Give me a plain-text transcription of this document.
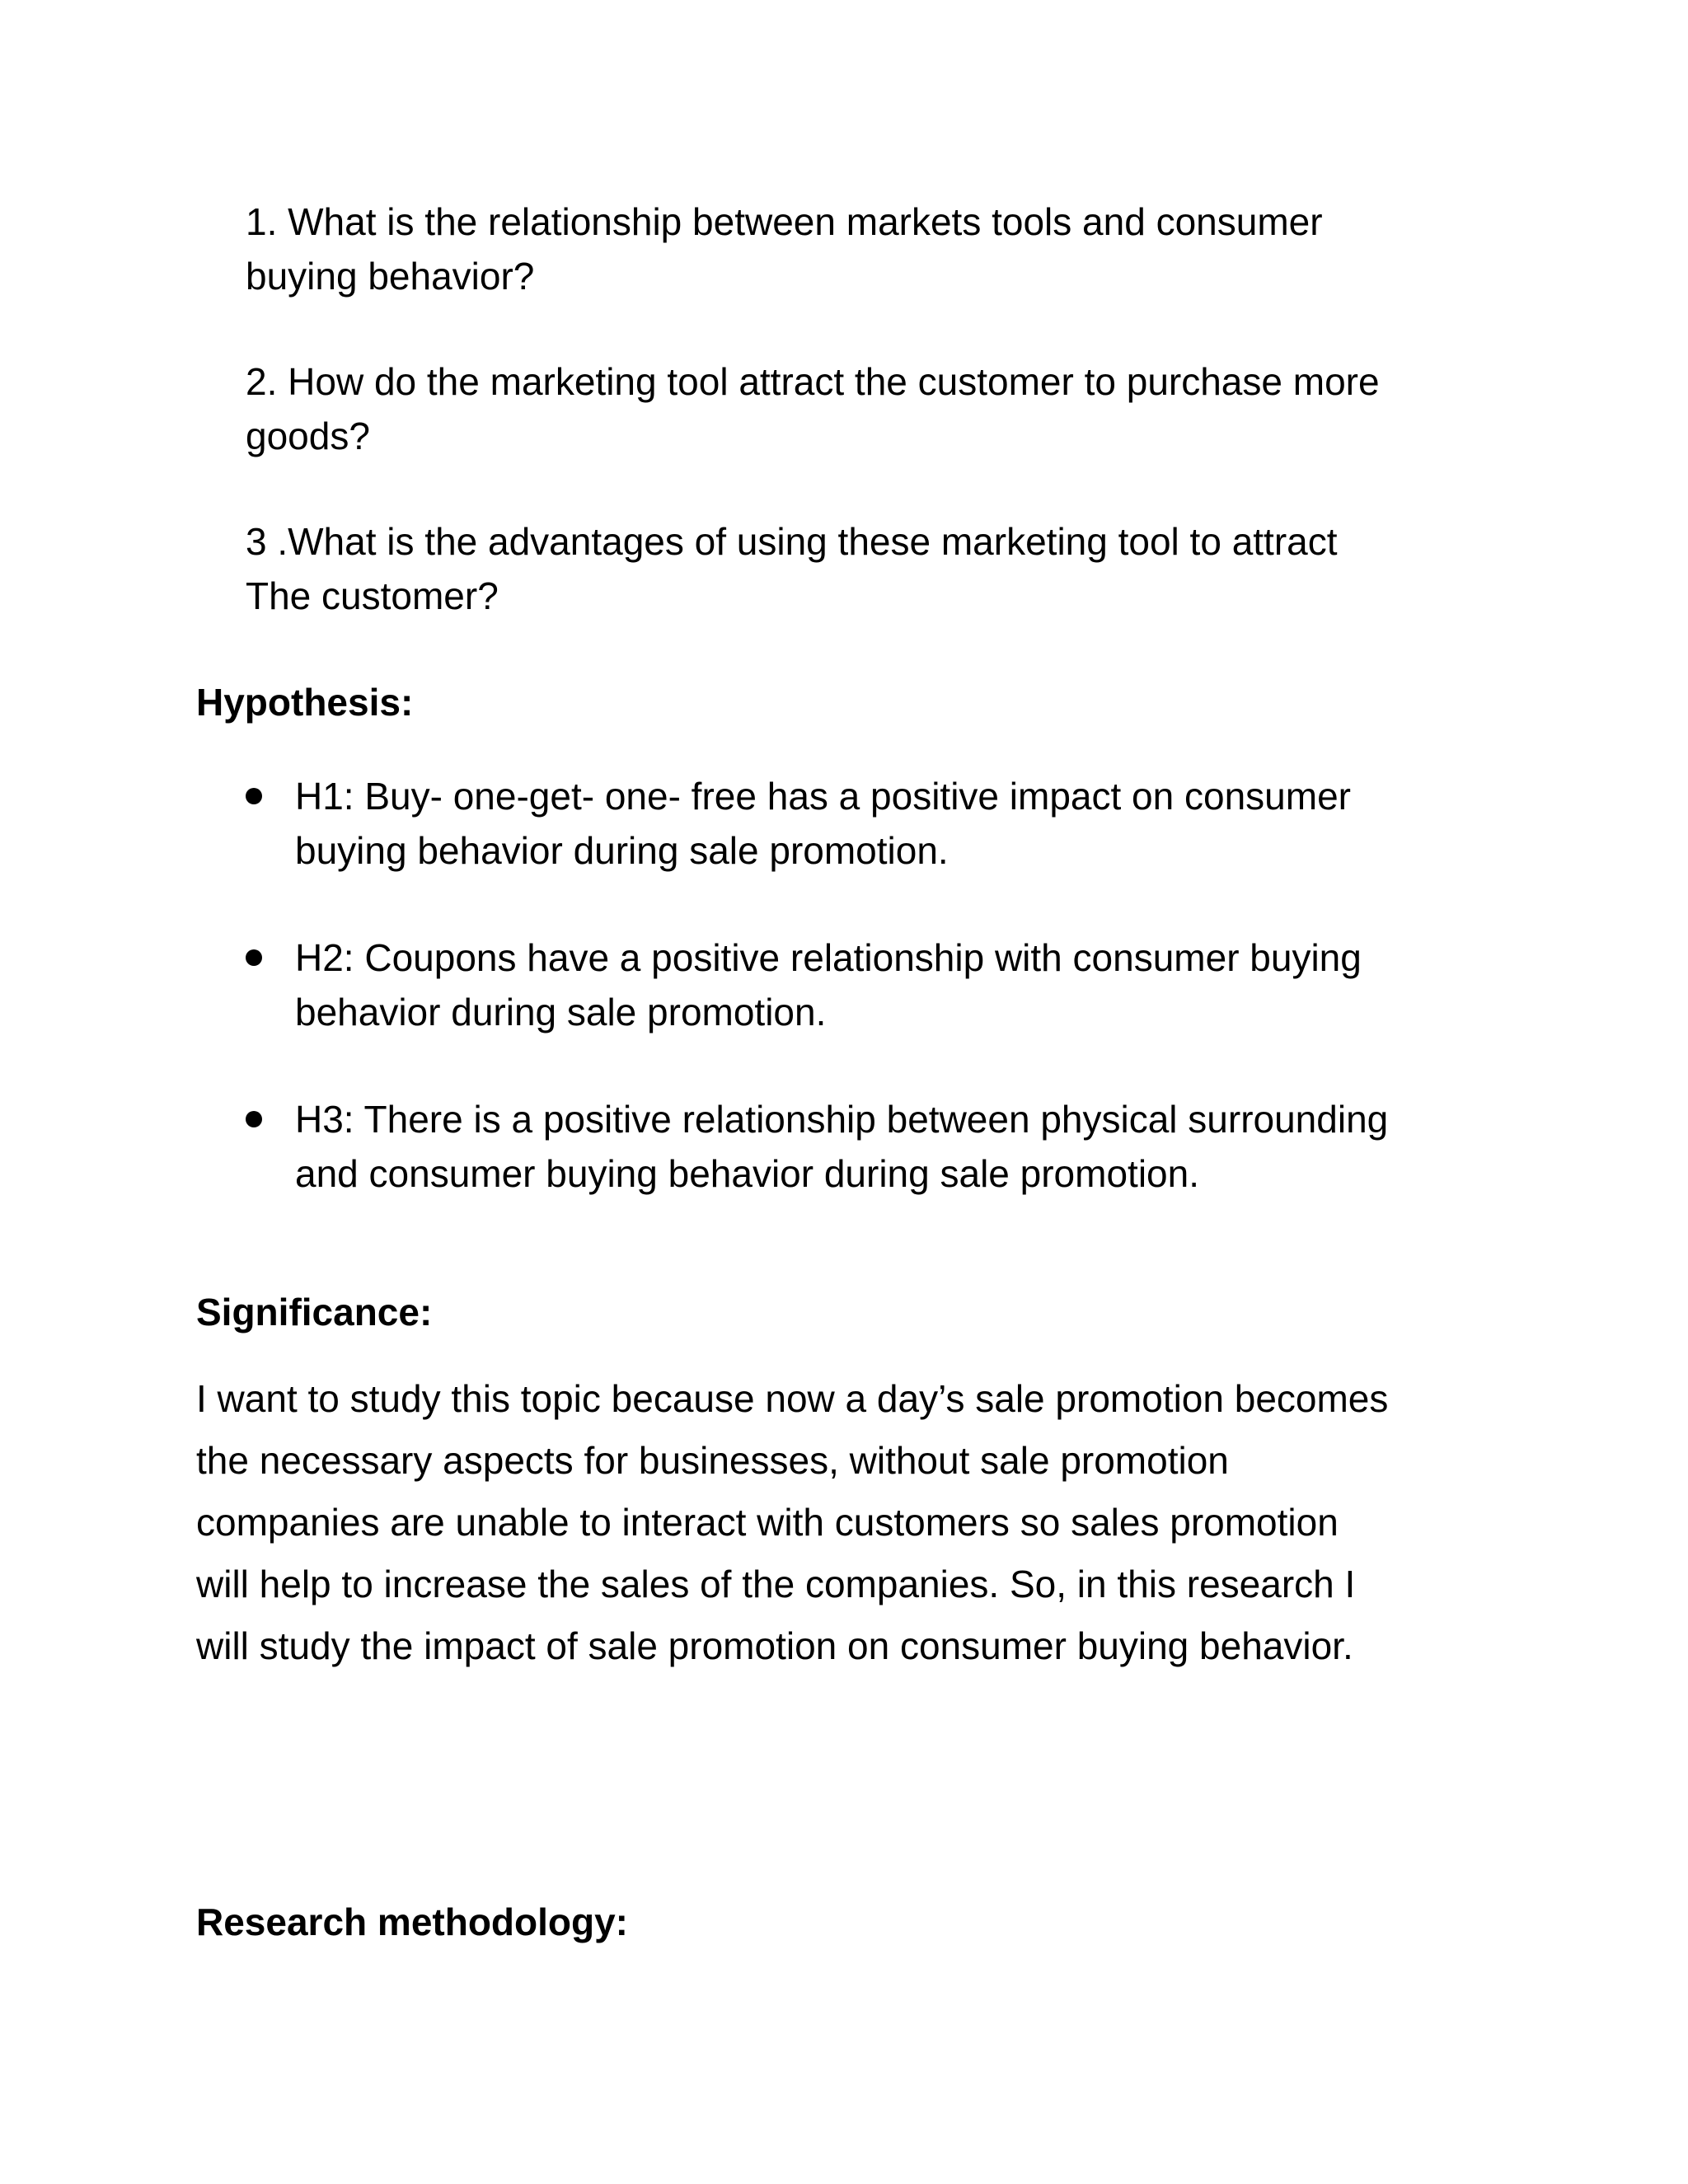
1. What is the relationship between markets tools and consumer
buying behavior?

2. How do the marketing tool attract the customer to purchase more
goods?

3 .What is the advantages of using these marketing tool to attract
The customer?

Hypothesis:
H1: Buy- one-get- one- free has a positive impact on consumer
buying behavior during sale promotion.
H2: Coupons have a positive relationship with consumer buying
behavior during sale promotion.
H3: There is a positive relationship between physical surrounding
and consumer buying behavior during sale promotion.
Significance:

I want to study this topic because now a day’s sale promotion becomes
the necessary aspects for businesses, without sale promotion
companies are unable to interact with customers so sales promotion
will help to increase the sales of the companies. So, in this research I
will study the impact of sale promotion on consumer buying behavior.

Research methodology:
